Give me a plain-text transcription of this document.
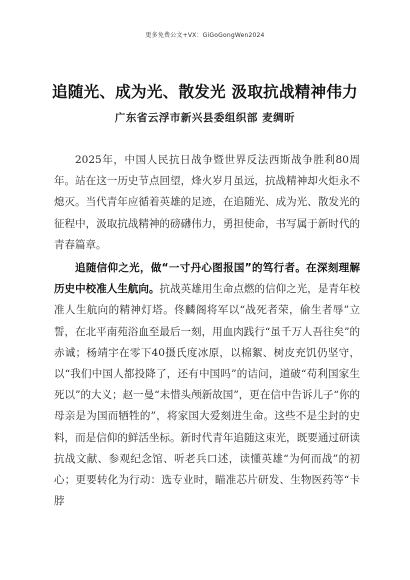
更多免费公文+VX：GiGoGongWen2024
追随光、成为光、散发光 汲取抗战精神伟力
广东省云浮市新兴县委组织部 麦绸昕

2025年，中国人民抗日战争暨世界反法西斯战争胜利80周年。站在这一历史节点回望，烽火岁月虽远，抗战精神却火炬永不熄灭。当代青年应循着英雄的足迹，在追随光、成为光、散发光的征程中，汲取抗战精神的磅礴伟力，勇担使命，书写属于新时代的青春篇章。

追随信仰之光，做“一寸丹心图报国”的笃行者。在深刻理解历史中校准人生航向。抗战英雄用生命点燃的信仰之光，是青年校准人生航向的精神灯塔。佟麟阁将军以“战死者荣，偷生者辱”立誓，在北平南苑浴血至最后一刻，用血肉践行“虽千万人吾往矣”的赤诚；杨靖宇在零下40摄氏度冰原，以棉絮、树皮充饥仍坚守，以“我们中国人都投降了，还有中国吗”的诘问，道破“苟利国家生死以”的大义；赵一曼“未惜头颅新故国”，更在信中告诉儿子“你的母亲是为国而牺牲的”，将家国大爱刻进生命。这些不是尘封的史料，而是信仰的鲜活坐标。新时代青年追随这束光，既要通过研读抗战文献、参观纪念馆、听老兵口述，读懂英雄“为何而战”的初心；更要转化为行动：选专业时，瞄准芯片研发、生物医药等“卡脖
